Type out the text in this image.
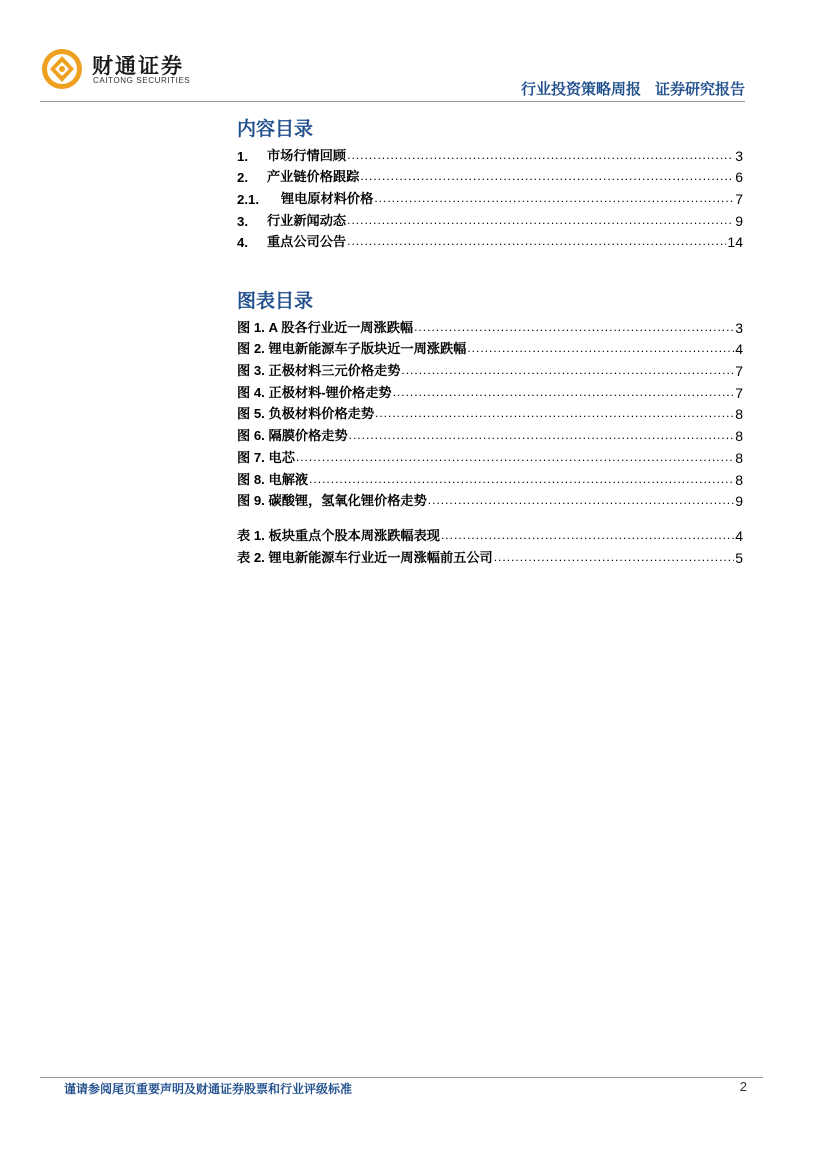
财通证券
CAITONG SECURITIES
行业投资策略周报 证券研究报告
内容目录
1.	市场行情回顾 .....	3
2.	产业链价格跟踪 .....	6
2.1.	锂电原材料价格 .....	7
3.	行业新闻动态 .....	9
4.	重点公司公告 .....	14
图表目录
图 1. A 股各行业近一周涨跌幅 .....	3
图 2. 锂电新能源车子版块近一周涨跌幅 .....	4
图 3. 正极材料三元价格走势 .....	7
图 4. 正极材料-锂价格走势 .....	7
图 5. 负极材料价格走势 .....	8
图 6. 隔膜价格走势 .....	8
图 7. 电芯 .....	8
图 8. 电解液 .....	8
图 9. 碳酸锂，氢氧化锂价格走势 .....	9
表 1. 板块重点个股本周涨跌幅表现 .....	4
表 2. 锂电新能源车行业近一周涨幅前五公司 .....	5
谨请参阅尾页重要声明及财通证券股票和行业评级标准	2
